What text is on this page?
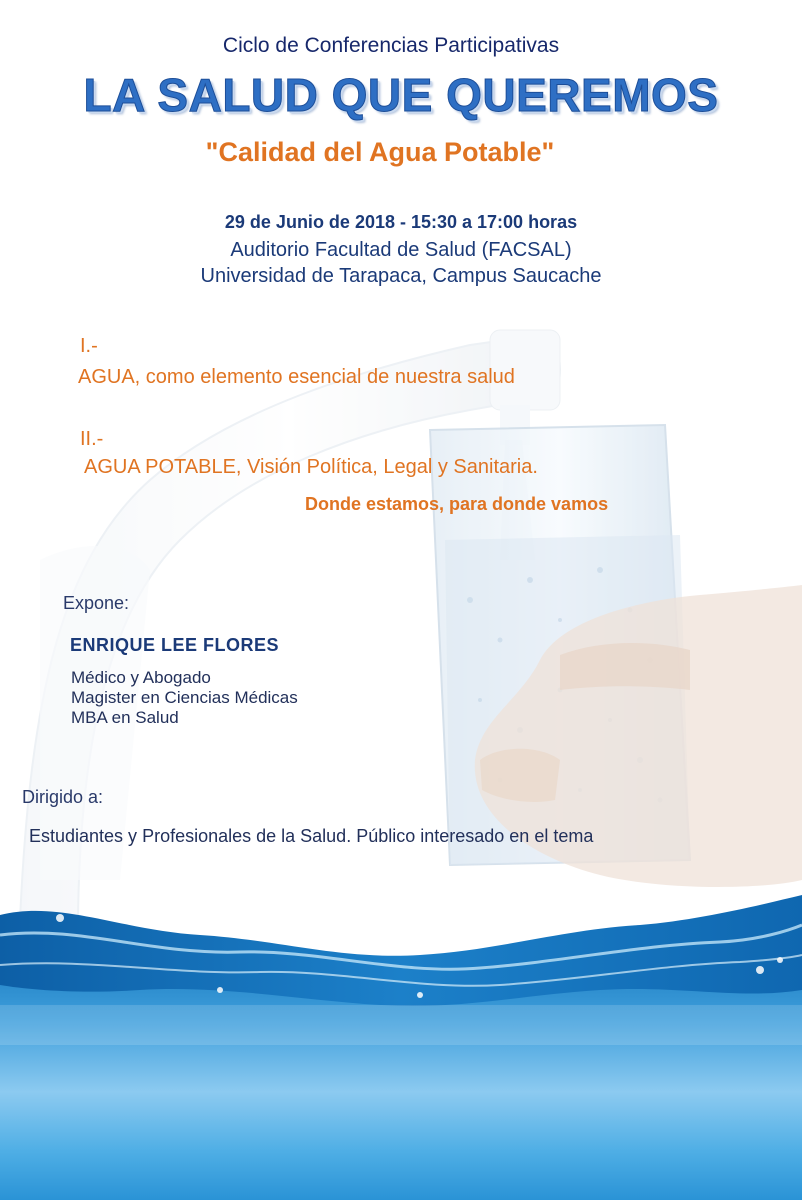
Ciclo de Conferencias Participativas

LA SALUD QUE QUEREMOS

"Calidad del Agua Potable"

29 de Junio de 2018 - 15:30 a 17:00 horas

Auditorio Facultad de Salud (FACSAL)
Universidad de Tarapaca, Campus Saucache
I.-
AGUA, como elemento esencial de nuestra salud
II.-
AGUA POTABLE, Visión Política, Legal y Sanitaria.
Donde estamos, para donde vamos
Expone:
ENRIQUE LEE FLORES
Médico y Abogado
Magister en Ciencias Médicas
MBA en Salud
Dirigido a:
Estudiantes y Profesionales de la Salud. Público interesado en el tema
